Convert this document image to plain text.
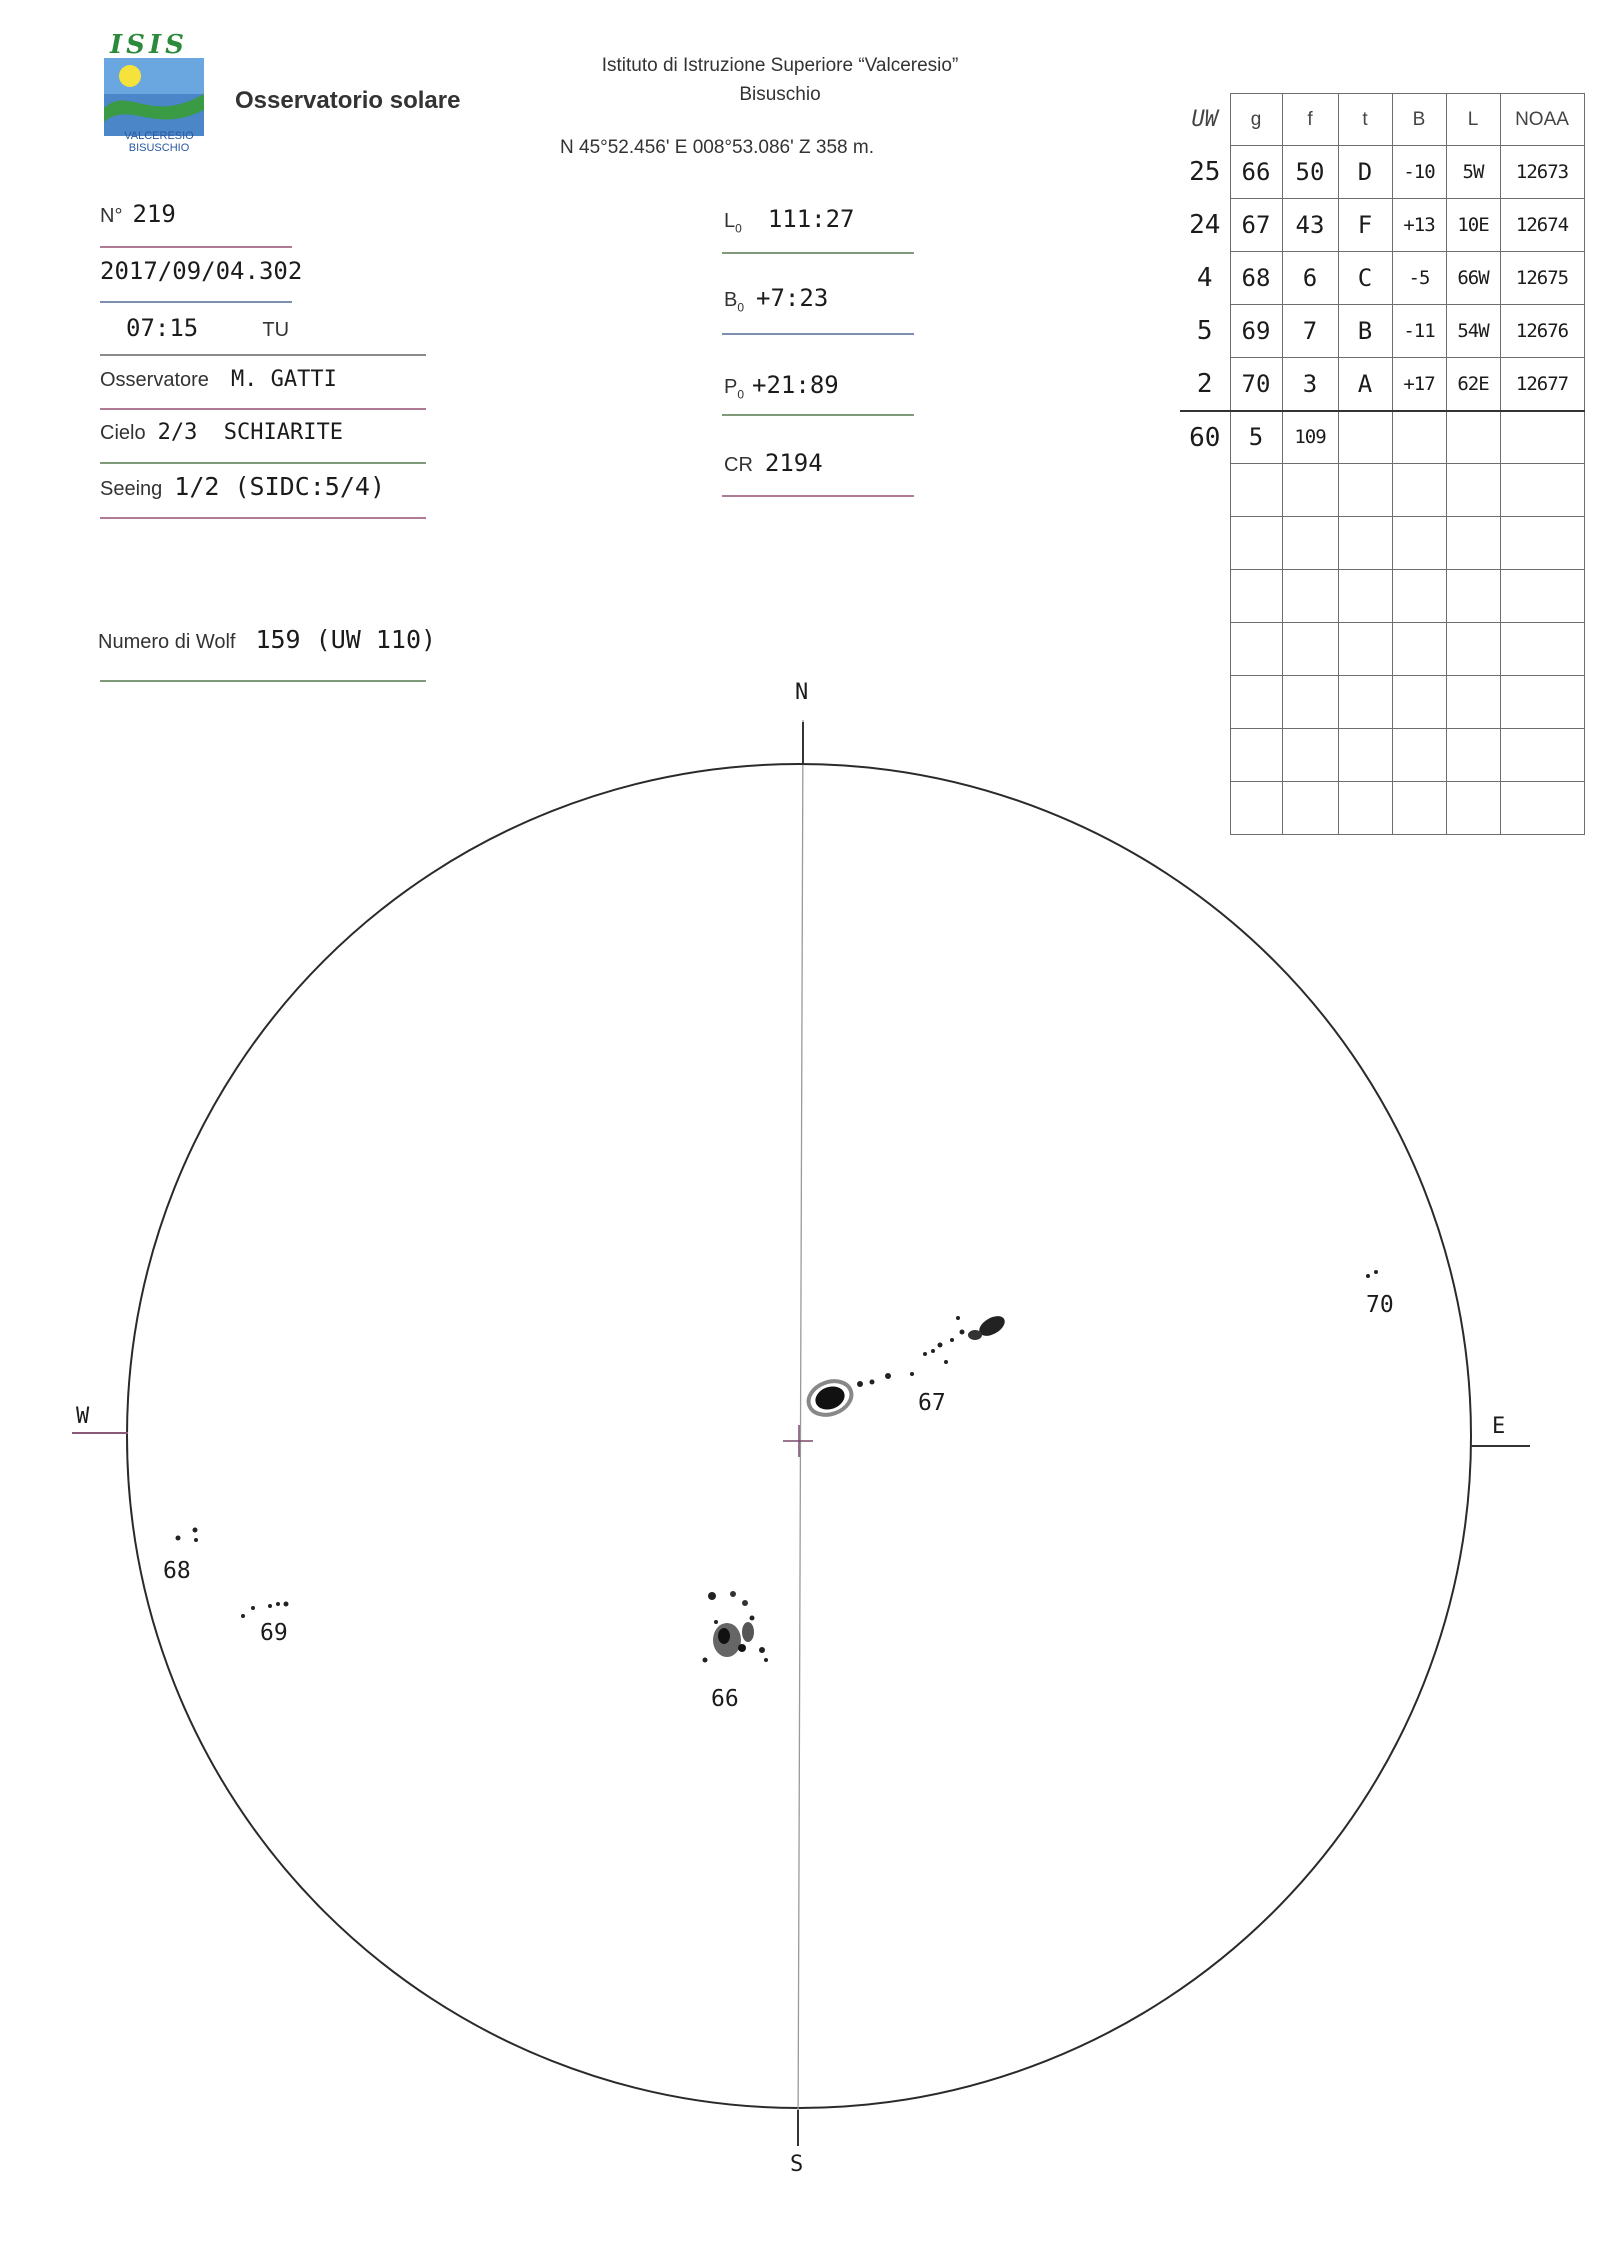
ISIS
VALCERESIO
BISUSCHIO
Osservatorio solare
Istituto di Istruzione Superiore “Valceresio”
Bisuschio
N 45°52.456' E 008°53.086' Z 358 m.
N° 219
2017/09/04.302
07:15	TU
Osservatore M. GATTI
Cielo 2/3  SCHIARITE
Seeing 1/2 (SIDC:5/4)
Numero di Wolf 159 (UW 110)
$L_0$ 111:27
$B_0$ +7:23
$P_0$ +21:89
CR 2194
UW	g	f	t	B	L	NOAA
25	66	50	D	-10	5W	12673
24	67	43	F	+13	10E	12674
4	68	6	C	-5	66W	12675
5	69	7	B	-11	54W	12676
2	70	3	A	+17	62E	12677
60	5	109				

N
S
W	E
66
67
68
69
70
